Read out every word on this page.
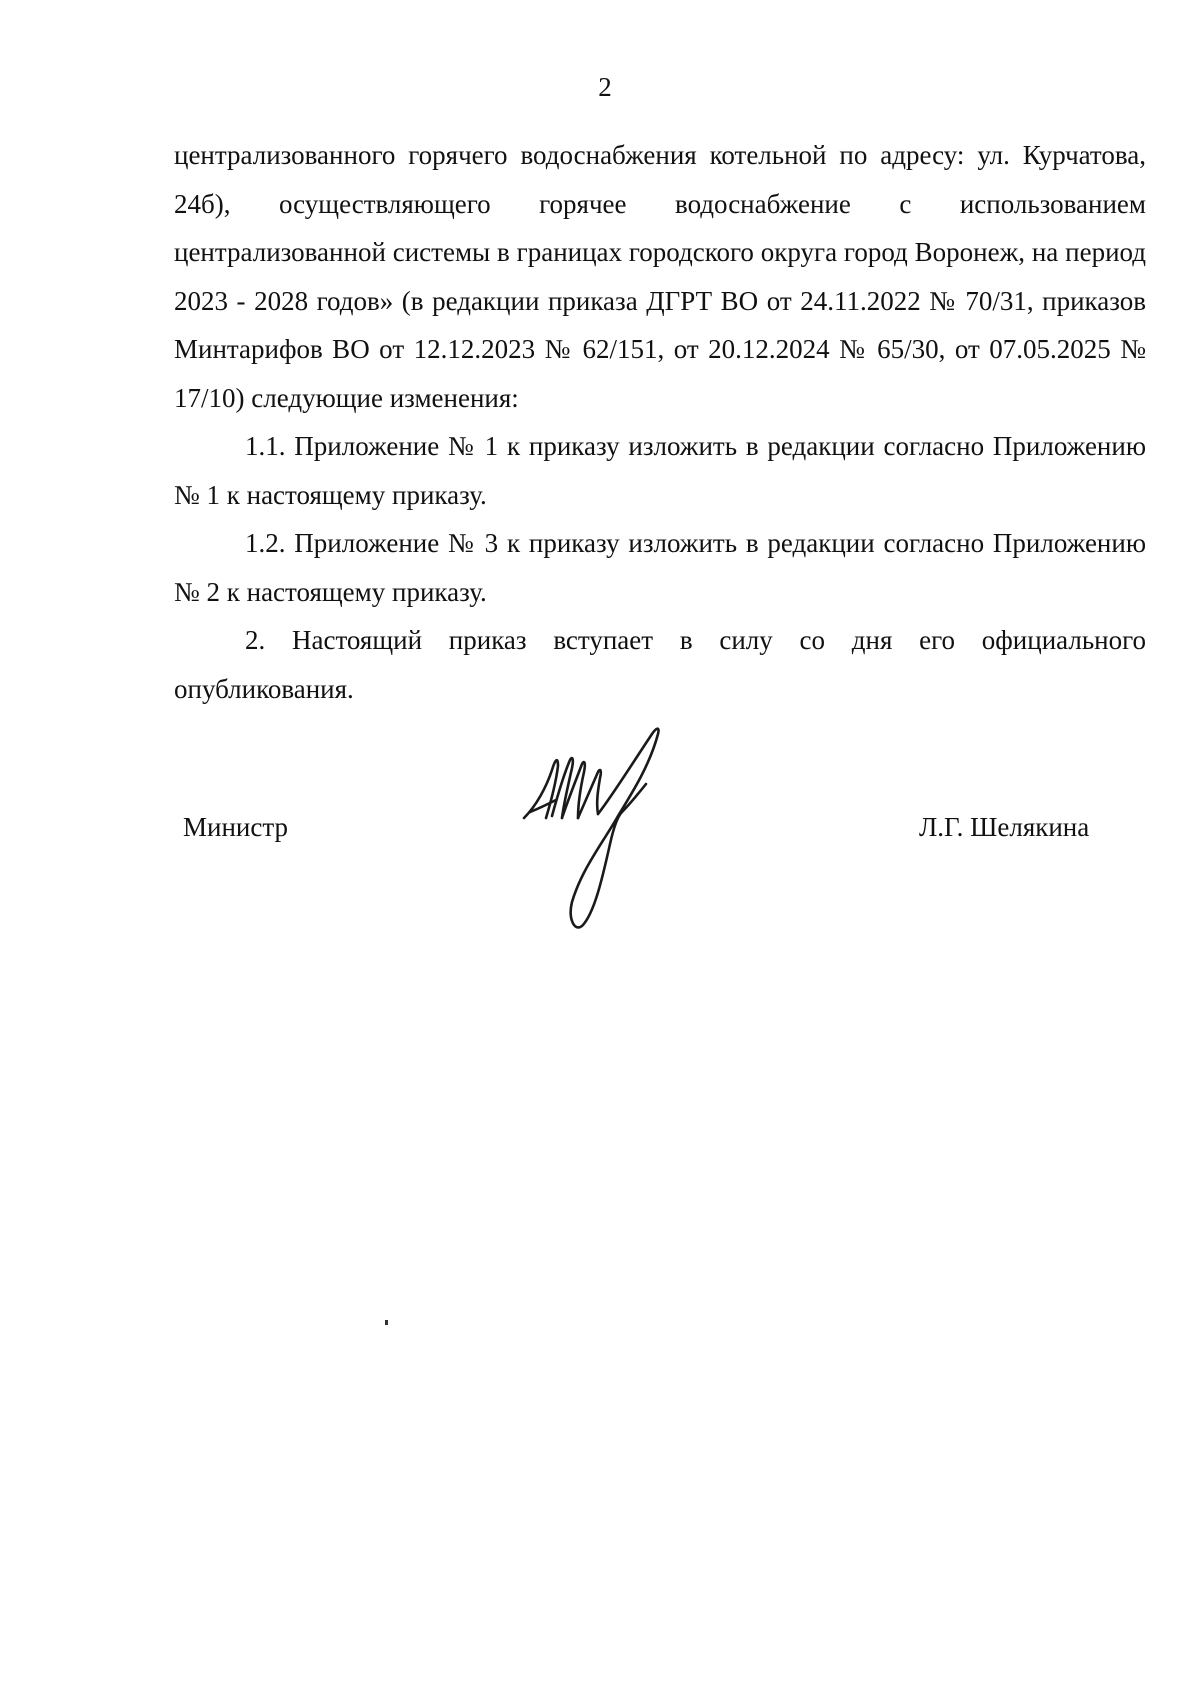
2

централизованного горячего водоснабжения котельной по адресу: ул. Курчатова, 24б), осуществляющего горячее водоснабжение с использованием централизованной системы в границах городского округа город Воронеж, на период 2023 - 2028 годов» (в редакции приказа ДГРТ ВО от 24.11.2022 № 70/31, приказов Минтарифов ВО от 12.12.2023 № 62/151, от 20.12.2024 № 65/30, от 07.05.2025 № 17/10) следующие изменения:

1.1. Приложение № 1 к приказу изложить в редакции согласно Приложению № 1 к настоящему приказу.

1.2. Приложение № 3 к приказу изложить в редакции согласно Приложению № 2 к настоящему приказу.

2. Настоящий приказ вступает в силу со дня его официального опубликования.

Министр	Л.Г. Шелякина
